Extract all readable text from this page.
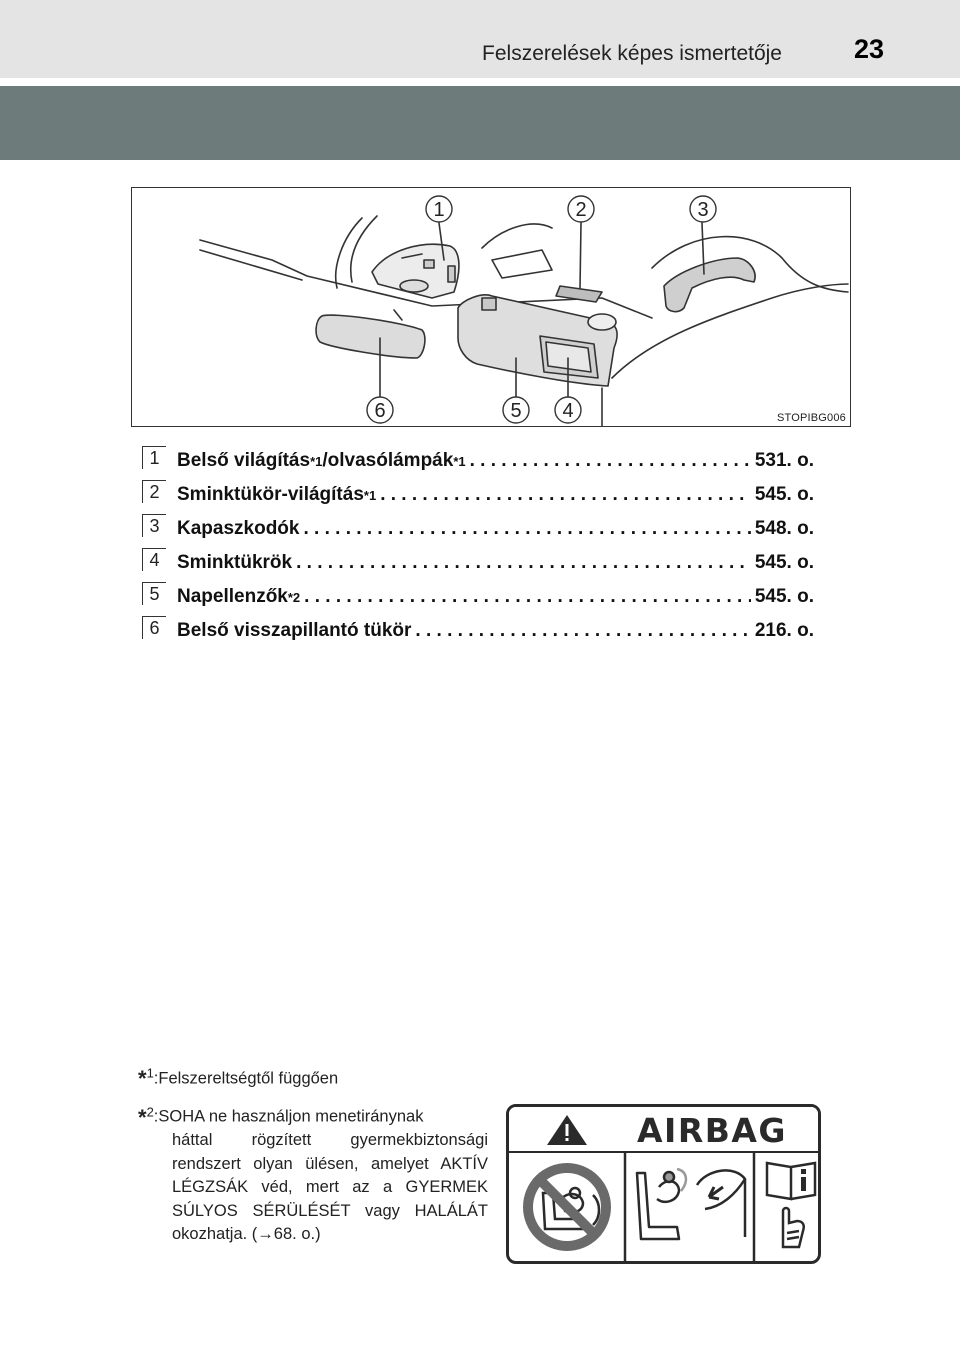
Felszerelések képes ismertetője	23
1	2	3
6	5 4	STOPIBG006
1 Belső világítás *1 /olvasólámpák *1 . . .	531. o.
2 Sminktükör-világítás *1 . . .	545. o.
3 Kapaszkodók . . .	548. o.
4 Sminktükrök . . .	545. o.
5 Napellenzők *2 . . .	545. o.
6 Belső visszapillantó tükör . . .	216. o.
*$^1$:Felszereltségtől függően
*$^2$:SOHA ne használjon menetiránynak
háttal rögzített gyermekbiztonsági rendszert olyan ülésen, amelyet AKTÍV LÉGZSÁK véd, mert az a GYERMEK SÚLYOS SÉRÜLÉSÉT vagy HALÁLÁT okozhatja. (→68. o.)
AIRBAG
